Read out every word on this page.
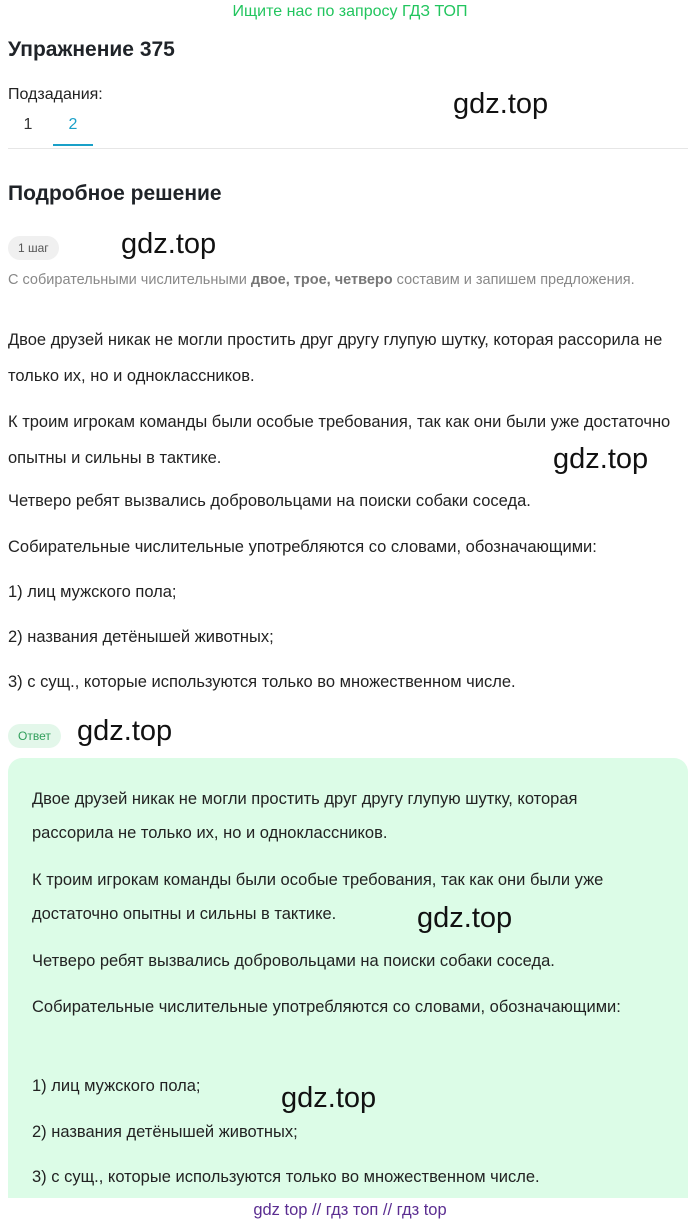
Ищите нас по запросу ГДЗ ТОП
Упражнение 375
Подзадания:
1	2
gdz.top
Подробное решение
1 шаг	gdz.top
С собирательными числительными двое, трое, четверо составим и запишем предложения.
Двое друзей никак не могли простить друг другу глупую шутку, которая рассорила не только их, но и одноклассников.
К троим игрокам команды были особые требования, так как они были уже достаточно опытны и сильны в тактике.	gdz.top
Четверо ребят вызвались добровольцами на поиски собаки соседа.
Собирательные числительные употребляются со словами, обозначающими:
1) лиц мужского пола;
2) названия детёнышей животных;
3) с сущ., которые используются только во множественном числе.
Ответ gdz.top
Двое друзей никак не могли простить друг другу глупую шутку, которая рассорила не только их, но и одноклассников.
К троим игрокам команды были особые требования, так как они были уже достаточно опытны и сильны в тактике.
Четверо ребят вызвались добровольцами на поиски собаки соседа.
Собирательные числительные употребляются со словами, обозначающими:
1) лиц мужского пола;
2) названия детёнышей животных;
3) с сущ., которые используются только во множественном числе.
gdz.top
gdz.top
gdz top // гдз топ // гдз top
